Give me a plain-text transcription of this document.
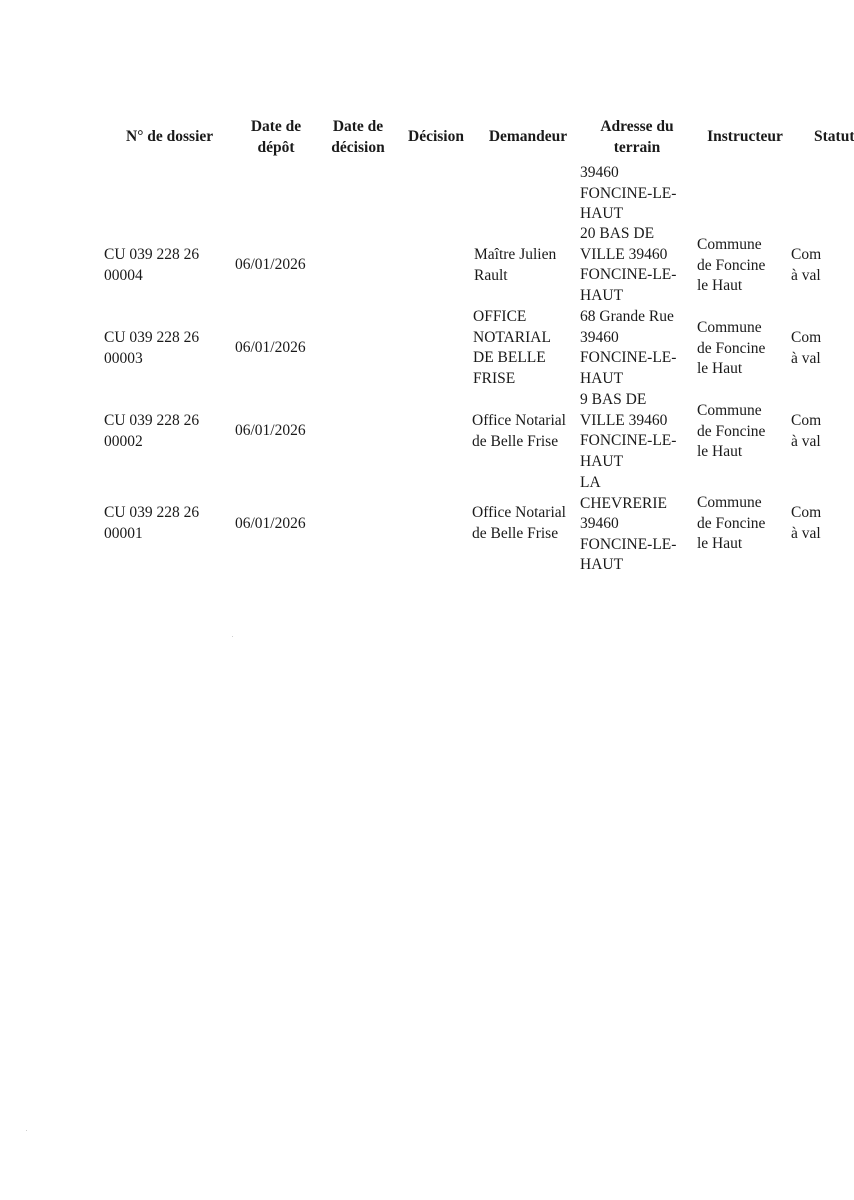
N° de dossier
Date de
dépôt
Date de
décision
Décision	Demandeur
Adresse du
terrain
Instructeur	Statut
39460
FONCINE-LE-
HAUT
CU 039 228 26
00004
06/01/2026
Maître Julien
Rault
20 BAS DE
VILLE 39460
FONCINE-LE-
HAUT
Commune
de Foncine
le Haut
Com
à val
CU 039 228 26
00003
06/01/2026
OFFICE
NOTARIAL
DE BELLE
FRISE
68 Grande Rue
39460
FONCINE-LE-
HAUT
Commune
de Foncine
le Haut
Com
à val
CU 039 228 26
00002
06/01/2026
Office Notarial
de Belle Frise
9 BAS DE
VILLE 39460
FONCINE-LE-
HAUT
Commune
de Foncine
le Haut
Com
à val
CU 039 228 26
00001
06/01/2026
Office Notarial
de Belle Frise
LA
CHEVRERIE
39460
FONCINE-LE-
HAUT
Commune
de Foncine
le Haut
Com
à val
